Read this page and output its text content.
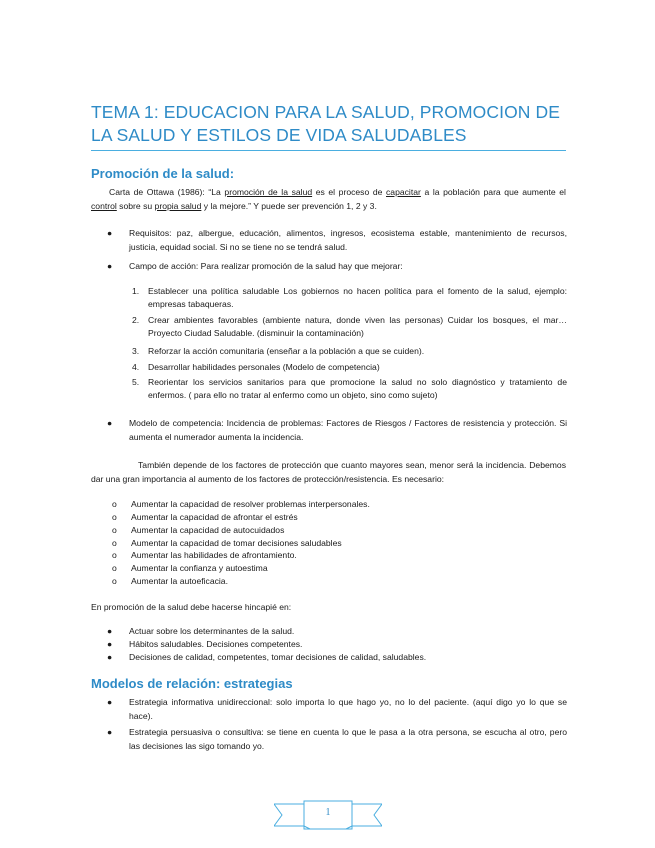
TEMA 1: EDUCACION PARA LA SALUD, PROMOCION DE LA SALUD Y ESTILOS DE VIDA SALUDABLES
Promoción de la salud:

Carta de Ottawa (1986): “La promoción de la salud es el proceso de capacitar a la población para que aumente el control sobre su propia salud y la mejore.” Y puede ser prevención 1, 2 y 3.

●	Requisitos: paz, albergue, educación, alimentos, ingresos, ecosistema estable, mantenimiento de recursos, justicia, equidad social. Si no se tiene no se tendrá salud.
●	Campo de acción: Para realizar promoción de la salud hay que mejorar:
1. Establecer una política saludable Los gobiernos no hacen política para el fomento de la salud, ejemplo: empresas tabaqueras.
2. Crear ambientes favorables (ambiente natura, donde viven las personas) Cuidar los bosques, el mar… Proyecto Ciudad Saludable. (disminuir la contaminación)
3. Reforzar la acción comunitaria (enseñar a la población a que se cuiden).
4. Desarrollar habilidades personales (Modelo de competencia)
5. Reorientar los servicios sanitarios para que promocione la salud no solo diagnóstico y tratamiento de enfermos. ( para ello no tratar al enfermo como un objeto, sino como sujeto)
●	Modelo de competencia: Incidencia de problemas: Factores de Riesgos / Factores de resistencia y protección. Si aumenta el numerador aumenta la incidencia.

También depende de los factores de protección que cuanto mayores sean, menor será la incidencia. Debemos dar una gran importancia al aumento de los factores de protección/resistencia. Es necesario:

o Aumentar la capacidad de resolver problemas interpersonales.
o Aumentar la capacidad de afrontar el estrés
o Aumentar la capacidad de autocuidados
o Aumentar la capacidad de tomar decisiones saludables
o Aumentar las habilidades de afrontamiento.
o Aumentar la confianza y autoestima
o Aumentar la autoeficacia.

En promoción de la salud debe hacerse hincapié en:

●	Actuar sobre los determinantes de la salud.
●	Hábitos saludables. Decisiones competentes.
●	Decisiones de calidad, competentes, tomar decisiones de calidad, saludables.
Modelos de relación: estrategias
●	Estrategia informativa unidireccional: solo importa lo que hago yo, no lo del paciente. (aquí digo yo lo que se hace).
●	Estrategia persuasiva o consultiva: se tiene en cuenta lo que le pasa a la otra persona, se escucha al otro, pero las decisiones las sigo tomando yo.
1
